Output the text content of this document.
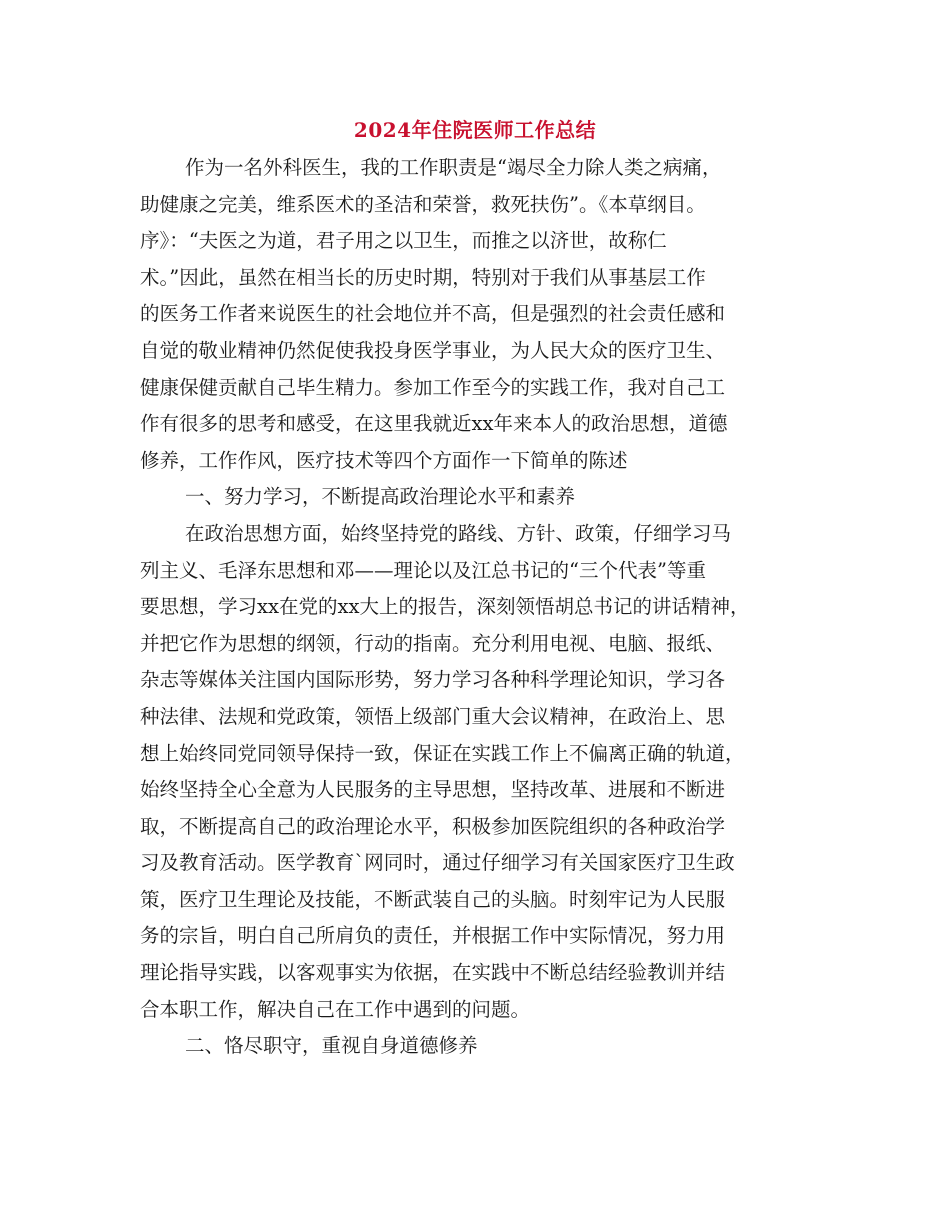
2024年住院医师工作总结
作为一名外科医生，我的工作职责是“竭尽全力除人类之病痛，
助健康之完美，维系医术的圣洁和荣誉，救死扶伤”。《本草纲目。
序》：“夫医之为道，君子用之以卫生，而推之以济世，故称仁
术。”因此，虽然在相当长的历史时期，特别对于我们从事基层工作
的医务工作者来说医生的社会地位并不高，但是强烈的社会责任感和
自觉的敬业精神仍然促使我投身医学事业，为人民大众的医疗卫生、
健康保健贡献自己毕生精力。参加工作至今的实践工作，我对自己工
作有很多的思考和感受，在这里我就近xx年来本人的政治思想，道德
修养，工作作风，医疗技术等四个方面作一下简单的陈述
一、努力学习，不断提高政治理论水平和素养
在政治思想方面，始终坚持党的路线、方针、政策，仔细学习马
列主义、毛泽东思想和邓——理论以及江总书记的“三个代表”等重
要思想，学习xx在党的xx大上的报告，深刻领悟胡总书记的讲话精神，
并把它作为思想的纲领，行动的指南。充分利用电视、电脑、报纸、
杂志等媒体关注国内国际形势，努力学习各种科学理论知识，学习各
种法律、法规和党政策，领悟上级部门重大会议精神，在政治上、思
想上始终同党同领导保持一致，保证在实践工作上不偏离正确的轨道，
始终坚持全心全意为人民服务的主导思想，坚持改革、进展和不断进
取，不断提高自己的政治理论水平，积极参加医院组织的各种政治学
习及教育活动。医学教育`网同时，通过仔细学习有关国家医疗卫生政
策，医疗卫生理论及技能，不断武装自己的头脑。时刻牢记为人民服
务的宗旨，明白自己所肩负的责任，并根据工作中实际情况，努力用
理论指导实践，以客观事实为依据，在实践中不断总结经验教训并结
合本职工作，解决自己在工作中遇到的问题。
二、恪尽职守，重视自身道德修养
